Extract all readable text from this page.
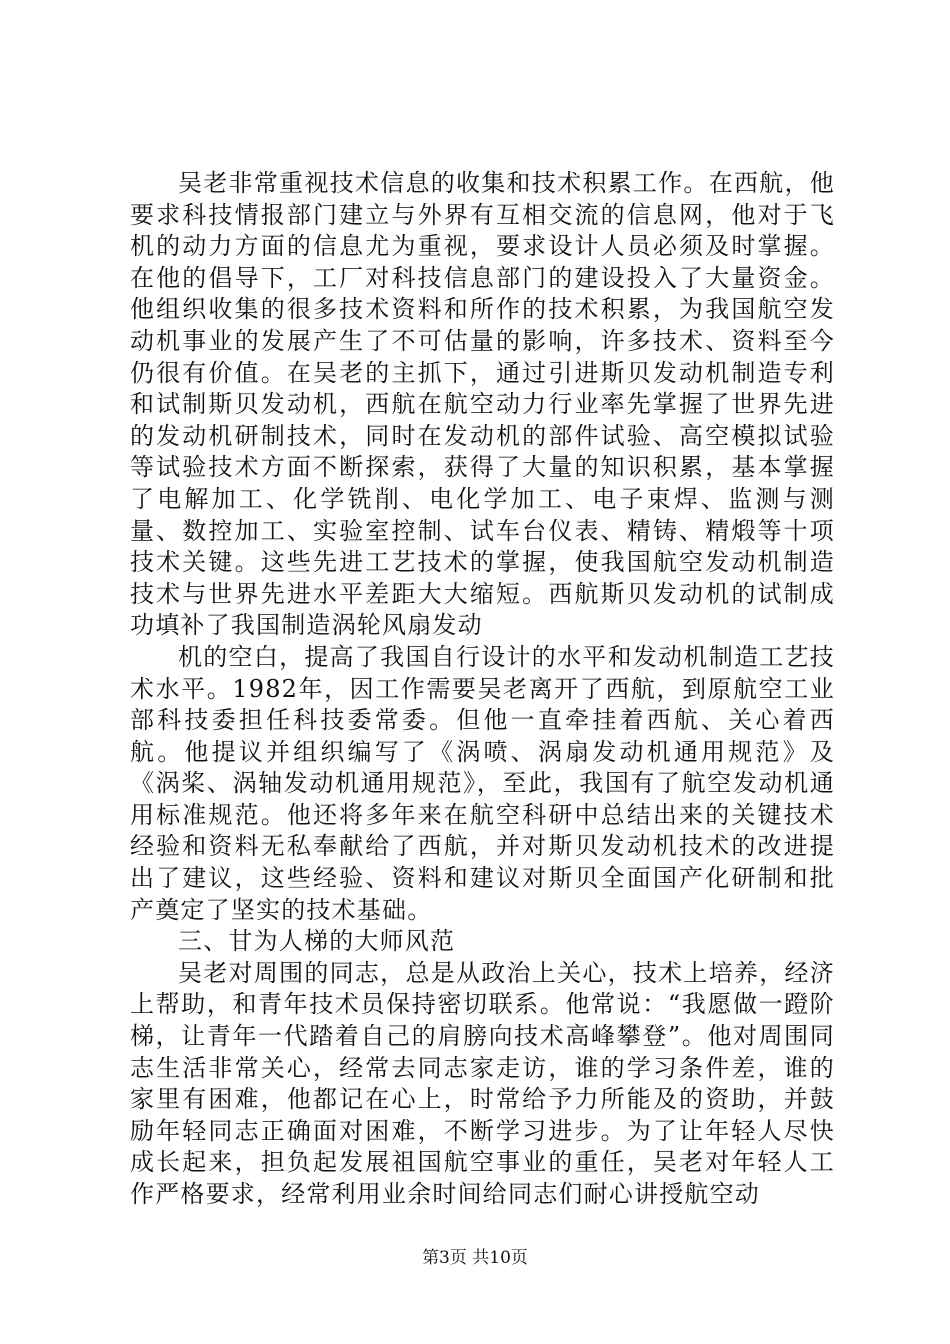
吴老非常重视技术信息的收集和技术积累工作。在西航，他要求科技情报部门建立与外界有互相交流的信息网，他对于飞机的动力方面的信息尤为重视，要求设计人员必须及时掌握。在他的倡导下，工厂对科技信息部门的建设投入了大量资金。他组织收集的很多技术资料和所作的技术积累，为我国航空发动机事业的发展产生了不可估量的影响，许多技术、资料至今仍很有价值。在吴老的主抓下，通过引进斯贝发动机制造专利和试制斯贝发动机，西航在航空动力行业率先掌握了世界先进的发动机研制技术，同时在发动机的部件试验、高空模拟试验等试验技术方面不断探索，获得了大量的知识积累，基本掌握了电解加工、化学铣削、电化学加工、电子束焊、监测与测量、数控加工、实验室控制、试车台仪表、精铸、精煅等十项技术关键。这些先进工艺技术的掌握，使我国航空发动机制造技术与世界先进水平差距大大缩短。西航斯贝发动机的试制成功填补了我国制造涡轮风扇发动

机的空白，提高了我国自行设计的水平和发动机制造工艺技术水平。1982年，因工作需要吴老离开了西航，到原航空工业部科技委担任科技委常委。但他一直牵挂着西航、关心着西航。他提议并组织编写了《涡喷、涡扇发动机通用规范》及《涡桨、涡轴发动机通用规范》，至此，我国有了航空发动机通用标准规范。他还将多年来在航空科研中总结出来的关键技术经验和资料无私奉献给了西航，并对斯贝发动机技术的改进提出了建议，这些经验、资料和建议对斯贝全面国产化研制和批产奠定了坚实的技术基础。

三、甘为人梯的大师风范

吴老对周围的同志，总是从政治上关心，技术上培养，经济上帮助，和青年技术员保持密切联系。他常说：“我愿做一蹬阶梯，让青年一代踏着自己的肩膀向技术高峰攀登”。他对周围同志生活非常关心，经常去同志家走访，谁的学习条件差，谁的家里有困难，他都记在心上，时常给予力所能及的资助，并鼓励年轻同志正确面对困难，不断学习进步。为了让年轻人尽快成长起来，担负起发展祖国航空事业的重任，吴老对年轻人工作严格要求，经常利用业余时间给同志们耐心讲授航空动

第3页 共10页
